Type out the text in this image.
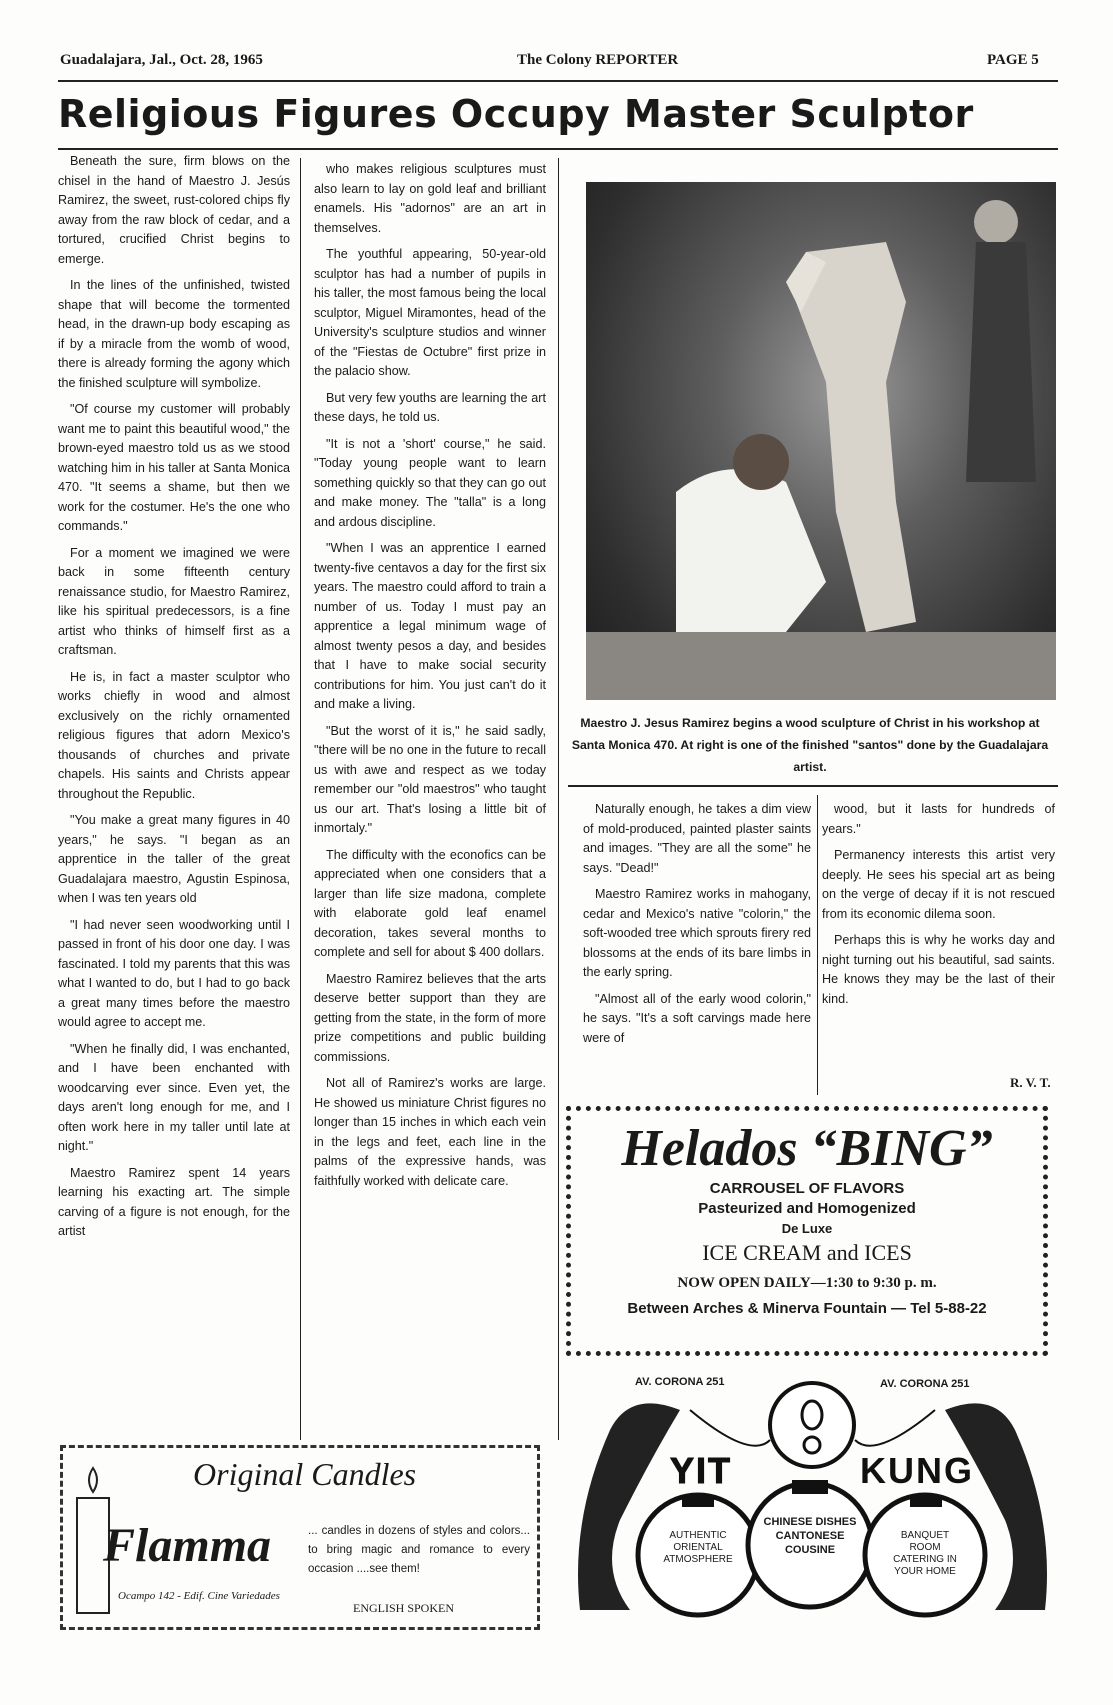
Guadalajara, Jal., Oct. 28, 1965	The Colony REPORTER	PAGE 5
Religious Figures Occupy Master Sculptor

Beneath the sure, firm blows on the chisel in the hand of Maestro J. Jesús Ramirez, the sweet, rust-colored chips fly away from the raw block of cedar, and a tortured, crucified Christ begins to emerge.

In the lines of the unfinished, twisted shape that will become the tormented head, in the drawn-up body escaping as if by a miracle from the womb of wood, there is already forming the agony which the finished sculpture will symbolize.

"Of course my customer will probably want me to paint this beautiful wood," the brown-eyed maestro told us as we stood watching him in his taller at Santa Monica 470. "It seems a shame, but then we work for the costumer. He's the one who commands."

For a moment we imagined we were back in some fifteenth century renaissance studio, for Maestro Ramirez, like his spiritual predecessors, is a fine artist who thinks of himself first as a craftsman.

He is, in fact a master sculptor who works chiefly in wood and almost exclusively on the richly ornamented religious figures that adorn Mexico's thousands of churches and private chapels. His saints and Christs appear throughout the Republic.

"You make a great many figures in 40 years," he says. "I began as an apprentice in the taller of the great Guadalajara maestro, Agustin Espinosa, when I was ten years old

"I had never seen woodworking until I passed in front of his door one day. I was fascinated. I told my parents that this was what I wanted to do, but I had to go back a great many times before the maestro would agree to accept me.

"When he finally did, I was enchanted, and I have been enchanted with woodcarving ever since. Even yet, the days aren't long enough for me, and I often work here in my taller until late at night."

Maestro Ramirez spent 14 years learning his exacting art. The simple carving of a figure is not enough, for the artist

who makes religious sculptures must also learn to lay on gold leaf and brilliant enamels. His "adornos" are an art in themselves.

The youthful appearing, 50-year-old sculptor has had a number of pupils in his taller, the most famous being the local sculptor, Miguel Miramontes, head of the University's sculpture studios and winner of the "Fiestas de Octubre" first prize in the palacio show.

But very few youths are learning the art these days, he told us.

"It is not a 'short' course," he said. "Today young people want to learn something quickly so that they can go out and make money. The "talla" is a long and ardous discipline.

"When I was an apprentice I earned twenty-five centavos a day for the first six years. The maestro could afford to train a number of us. Today I must pay an apprentice a legal minimum wage of almost twenty pesos a day, and besides that I have to make social security contributions for him. You just can't do it and make a living.

"But the worst of it is," he said sadly, "there will be no one in the future to recall us with awe and respect as we today remember our "old maestros" who taught us our art. That's losing a little bit of inmortaly."

The difficulty with the econofics can be appreciated when one considers that a larger than life size madona, complete with elaborate gold leaf enamel decoration, takes several months to complete and sell for about $ 400 dollars.

Maestro Ramirez believes that the arts deserve better support than they are getting from the state, in the form of more prize competitions and public building commissions.

Not all of Ramirez's works are large. He showed us miniature Christ figures no longer than 15 inches in which each vein in the legs and feet, each line in the palms of the expressive hands, was faithfully worked with delicate care.

Maestro J. Jesus Ramirez begins a wood sculpture of Christ in his workshop at Santa Monica 470. At right is one of the finished "santos" done by the Guadalajara artist.

Naturally enough, he takes a dim view of mold-produced, painted plaster saints and images. "They are all the some" he says. "Dead!"

Maestro Ramirez works in mahogany, cedar and Mexico's native "colorin," the soft-wooded tree which sprouts firery red blossoms at the ends of its bare limbs in the early spring.

"Almost all of the early wood colorin," he says. "It's a soft carvings made here were of

wood, but it lasts for hundreds of years."

Permanency interests this artist very deeply. He sees his special art as being on the verge of decay if it is not rescued from its economic dilema soon.

Perhaps this is why he works day and night turning out his beautiful, sad saints. He knows they may be the last of their kind.

R. V. T.
Helados “BING”
CARROUSEL OF FLAVORS
Pasteurized and Homogenized
De Luxe
ICE CREAM and ICES
NOW OPEN DAILY—1:30 to 9:30 p. m.
Between Arches & Minerva Fountain — Tel 5-88-22
AV. CORONA 251	AV. CORONA 251
YIT	KUNG
AUTHENTIC ORIENTAL ATMOSPHERE
CHINESE DISHES CANTONESE COUSINE
BANQUET ROOM CATERING IN YOUR HOME
Original Candles
Flamma
Ocampo 142 - Edif. Cine Variedades
... candles in dozens of styles and colors... to bring magic and romance to every occasion ....see them!
ENGLISH SPOKEN
